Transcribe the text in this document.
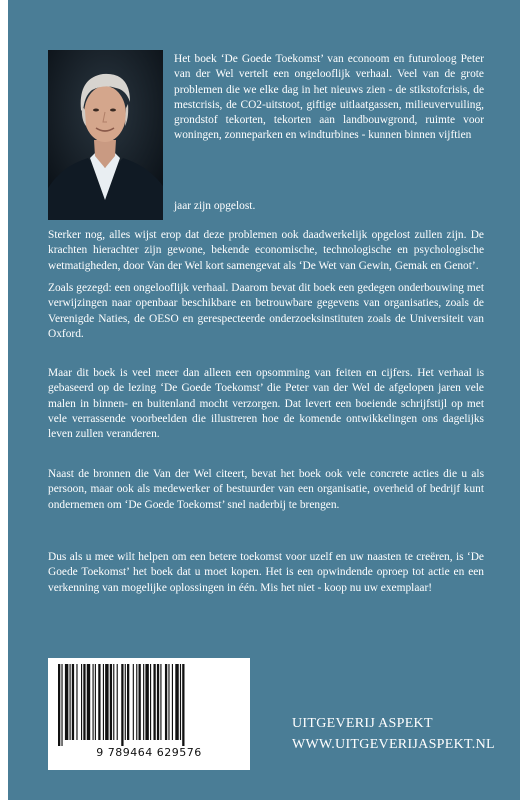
Het boek ‘De Goede Toekomst’ van econoom en futuroloog Peter van der Wel vertelt een ongelooflijk verhaal. Veel van de grote problemen die we elke dag in het nieuws zien - de stikstofcrisis, de mestcrisis, de CO2-uitstoot, giftige uitlaatgassen, milieuvervuiling, grondstof tekorten, tekorten aan landbouwgrond, ruimte voor woningen, zonneparken en windturbines - kunnen binnen vijftien
jaar zijn opgelost.
Sterker nog, alles wijst erop dat deze problemen ook daadwerkelijk opgelost zullen zijn. De krachten hierachter zijn gewone, bekende economische, technologische en psychologische wetmatigheden, door Van der Wel kort samengevat als ‘De Wet van Gewin, Gemak en Genot’.
Zoals gezegd: een ongelooflijk verhaal. Daarom bevat dit boek een gedegen onderbouwing met verwijzingen naar openbaar beschikbare en betrouwbare gegevens van organisaties, zoals de Verenigde Naties, de OESO en gerespecteerde onderzoeksinstituten zoals de Universiteit van Oxford.
Maar dit boek is veel meer dan alleen een opsomming van feiten en cijfers. Het verhaal is gebaseerd op de lezing ‘De Goede Toekomst’ die Peter van der Wel de afgelopen jaren vele malen in binnen- en buitenland mocht verzorgen. Dat levert een boeiende schrijfstijl op met vele verrassende voorbeelden die illustreren hoe de komende ontwikkelingen ons dagelijks leven zullen veranderen.
Naast de bronnen die Van der Wel citeert, bevat het boek ook vele concrete acties die u als persoon, maar ook als medewerker of bestuurder van een organisatie, overheid of bedrijf kunt ondernemen om ‘De Goede Toekomst’ snel naderbij te brengen.
Dus als u mee wilt helpen om een betere toekomst voor uzelf en uw naasten te creëren, is ‘De Goede Toekomst’ het boek dat u moet kopen. Het is een opwindende oproep tot actie en een verkenning van mogelijke oplossingen in één. Mis het niet - koop nu uw exemplaar!
9 789464 629576
UITGEVERIJ ASPEKT
WWW.UITGEVERIJASPEKT.NL
